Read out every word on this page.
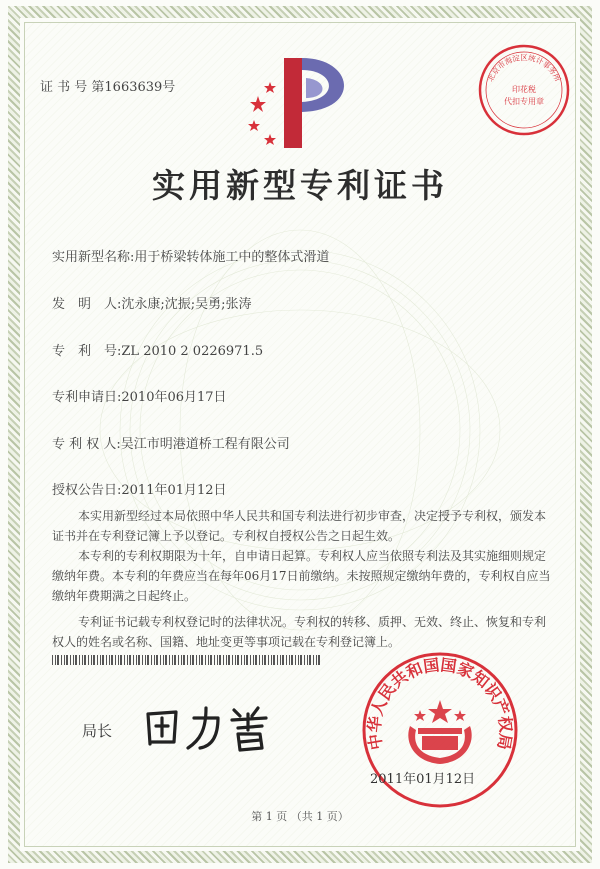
证 书 号 第1663639号
北京市海淀区统计事务所
印花税
代扣专用章
实用新型专利证书
实用新型名称:用于桥梁转体施工中的整体式滑道
发　明　人:沈永康;沈振;吴勇;张涛
专　利　号:ZL 2010 2 0226971.5
专利申请日:2010年06月17日
专 利 权 人:吴江市明港道桥工程有限公司
授权公告日:2011年01月12日

本实用新型经过本局依照中华人民共和国专利法进行初步审查，决定授予专利权，颁发本证书并在专利登记簿上予以登记。专利权自授权公告之日起生效。

本专利的专利权期限为十年，自申请日起算。专利权人应当依照专利法及其实施细则规定缴纳年费。本专利的年费应当在每年06月17日前缴纳。未按照规定缴纳年费的，专利权自应当缴纳年费期满之日起终止。

专利证书记载专利权登记时的法律状况。专利权的转移、质押、无效、终止、恢复和专利权人的姓名或名称、国籍、地址变更等事项记载在专利登记簿上。

局长
中华人民共和国国家知识产权局
2011年01月12日
第 1 页 （共 1 页）
